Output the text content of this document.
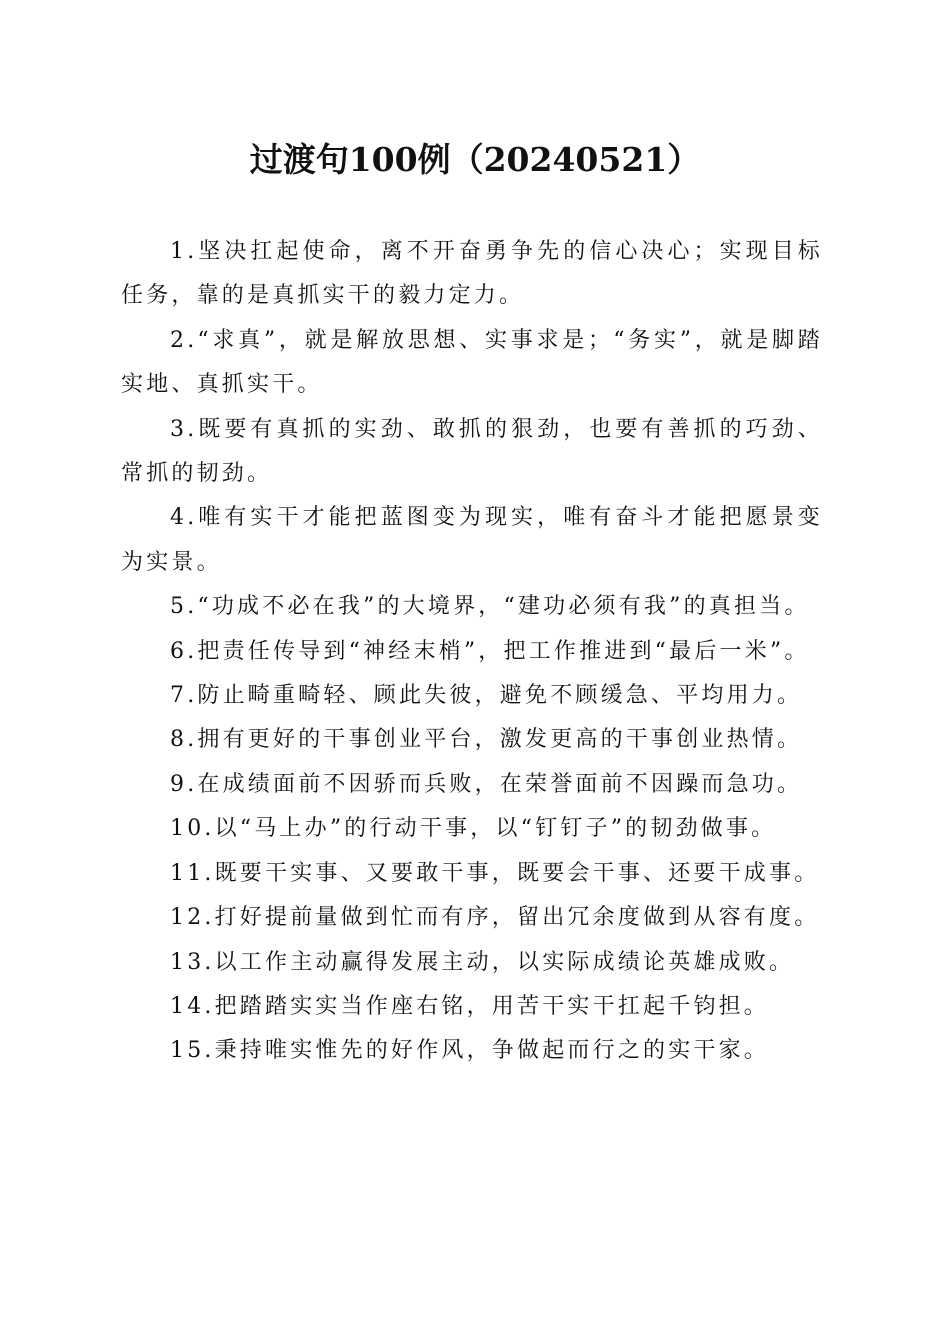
过渡句100例（20240521）

1.坚决扛起使命，离不开奋勇争先的信心决心；实现目标任务，靠的是真抓实干的毅力定力。

2.“求真”，就是解放思想、实事求是；“务实”，就是脚踏实地、真抓实干。

3.既要有真抓的实劲、敢抓的狠劲，也要有善抓的巧劲、常抓的韧劲。

4.唯有实干才能把蓝图变为现实，唯有奋斗才能把愿景变为实景。

5.“功成不必在我”的大境界，“建功必须有我”的真担当。

6.把责任传导到“神经末梢”，把工作推进到“最后一米”。

7.防止畸重畸轻、顾此失彼，避免不顾缓急、平均用力。

8.拥有更好的干事创业平台，激发更高的干事创业热情。

9.在成绩面前不因骄而兵败，在荣誉面前不因躁而急功。

10.以“马上办”的行动干事，以“钉钉子”的韧劲做事。

11.既要干实事、又要敢干事，既要会干事、还要干成事。

12.打好提前量做到忙而有序，留出冗余度做到从容有度。

13.以工作主动赢得发展主动，以实际成绩论英雄成败。

14.把踏踏实实当作座右铭，用苦干实干扛起千钧担。

15.秉持唯实惟先的好作风，争做起而行之的实干家。
